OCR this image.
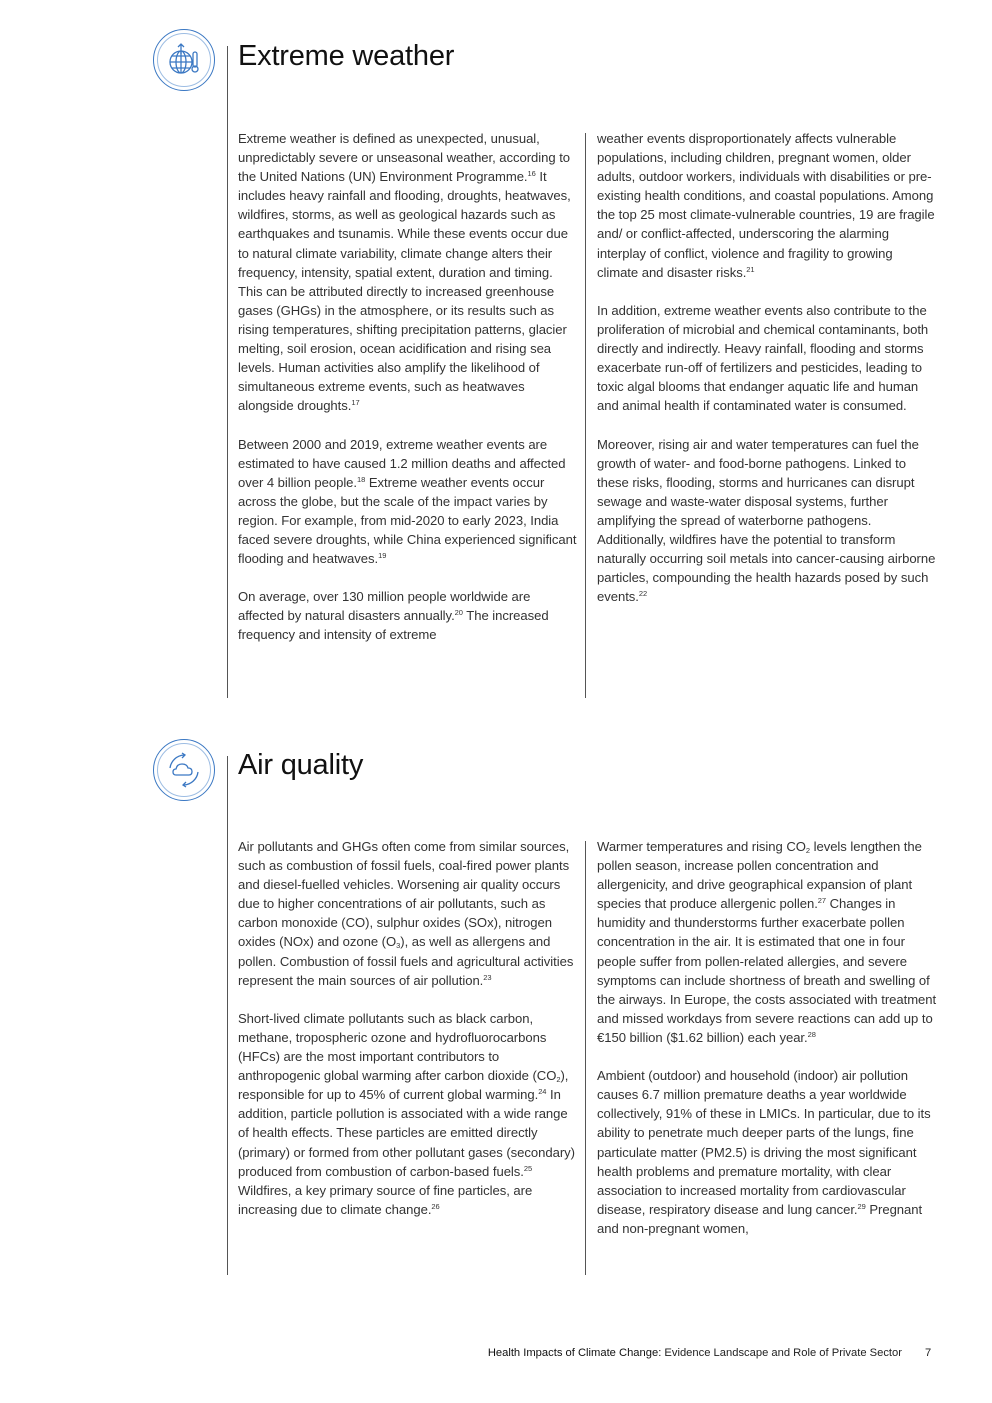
Extreme weather

Extreme weather is defined as unexpected, unusual, unpredictably severe or unseasonal weather, according to the United Nations (UN) Environment Programme.$^{16}$ It includes heavy rainfall and flooding, droughts, heatwaves, wildfires, storms, as well as geological hazards such as earthquakes and tsunamis. While these events occur due to natural climate variability, climate change alters their frequency, intensity, spatial extent, duration and timing. This can be attributed directly to increased greenhouse gases (GHGs) in the atmosphere, or its results such as rising temperatures, shifting precipitation patterns, glacier melting, soil erosion, ocean acidification and rising sea levels. Human activities also amplify the likelihood of simultaneous extreme events, such as heatwaves alongside droughts.$^{17}$

Between 2000 and 2019, extreme weather events are estimated to have caused 1.2 million deaths and affected over 4 billion people.$^{18}$ Extreme weather events occur across the globe, but the scale of the impact varies by region. For example, from mid-2020 to early 2023, India faced severe droughts, while China experienced significant flooding and heatwaves.$^{19}$

On average, over 130 million people worldwide are affected by natural disasters annually.$^{20}$ The increased frequency and intensity of extreme

weather events disproportionately affects vulnerable populations, including children, pregnant women, older adults, outdoor workers, individuals with disabilities or pre-existing health conditions, and coastal populations. Among the top 25 most climate-vulnerable countries, 19 are fragile and/ or conflict‑affected, underscoring the alarming interplay of conflict, violence and fragility to growing climate and disaster risks.$^{21}$

In addition, extreme weather events also contribute to the proliferation of microbial and chemical contaminants, both directly and indirectly. Heavy rainfall, flooding and storms exacerbate run-off of fertilizers and pesticides, leading to toxic algal blooms that endanger aquatic life and human and animal health if contaminated water is consumed.

Moreover, rising air and water temperatures can fuel the growth of water- and food-borne pathogens. Linked to these risks, flooding, storms and hurricanes can disrupt sewage and waste-water disposal systems, further amplifying the spread of waterborne pathogens. Additionally, wildfires have the potential to transform naturally occurring soil metals into cancer-causing airborne particles, compounding the health hazards posed by such events.$^{22}$

Air quality

Air pollutants and GHGs often come from similar sources, such as combustion of fossil fuels, coal-fired power plants and diesel-fuelled vehicles. Worsening air quality occurs due to higher concentrations of air pollutants, such as carbon monoxide (CO), sulphur oxides (SOx), nitrogen oxides (NOx) and ozone $(O_3)$, as well as allergens and pollen. Combustion of fossil fuels and agricultural activities represent the main sources of air pollution.$^{23}$

Short-lived climate pollutants such as black carbon, methane, tropospheric ozone and hydrofluorocarbons (HFCs) are the most important contributors to anthropogenic global warming after carbon dioxide $(CO_2)$, responsible for up to 45% of current global warming.$^{24}$ In addition, particle pollution is associated with a wide range of health effects. These particles are emitted directly (primary) or formed from other pollutant gases (secondary) produced from combustion of carbon-based fuels.$^{25}$ Wildfires, a key primary source of fine particles, are increasing due to climate change.$^{26}$

Warmer temperatures and rising $CO_2$ levels lengthen the pollen season, increase pollen concentration and allergenicity, and drive geographical expansion of plant species that produce allergenic pollen.$^{27}$ Changes in humidity and thunderstorms further exacerbate pollen concentration in the air. It is estimated that one in four people suffer from pollen-related allergies, and severe symptoms can include shortness of breath and swelling of the airways. In Europe, the costs associated with treatment and missed workdays from severe reactions can add up to €150 billion ($1.62 billion) each year.$^{28}$

Ambient (outdoor) and household (indoor) air pollution causes 6.7 million premature deaths a year worldwide collectively, 91% of these in LMICs. In particular, due to its ability to penetrate much deeper parts of the lungs, fine particulate matter (PM2.5) is driving the most significant health problems and premature mortality, with clear association to increased mortality from cardiovascular disease, respiratory disease and lung cancer.$^{29}$ Pregnant and non-pregnant women,

Health Impacts of Climate Change: Evidence Landscape and Role of Private Sector 7
